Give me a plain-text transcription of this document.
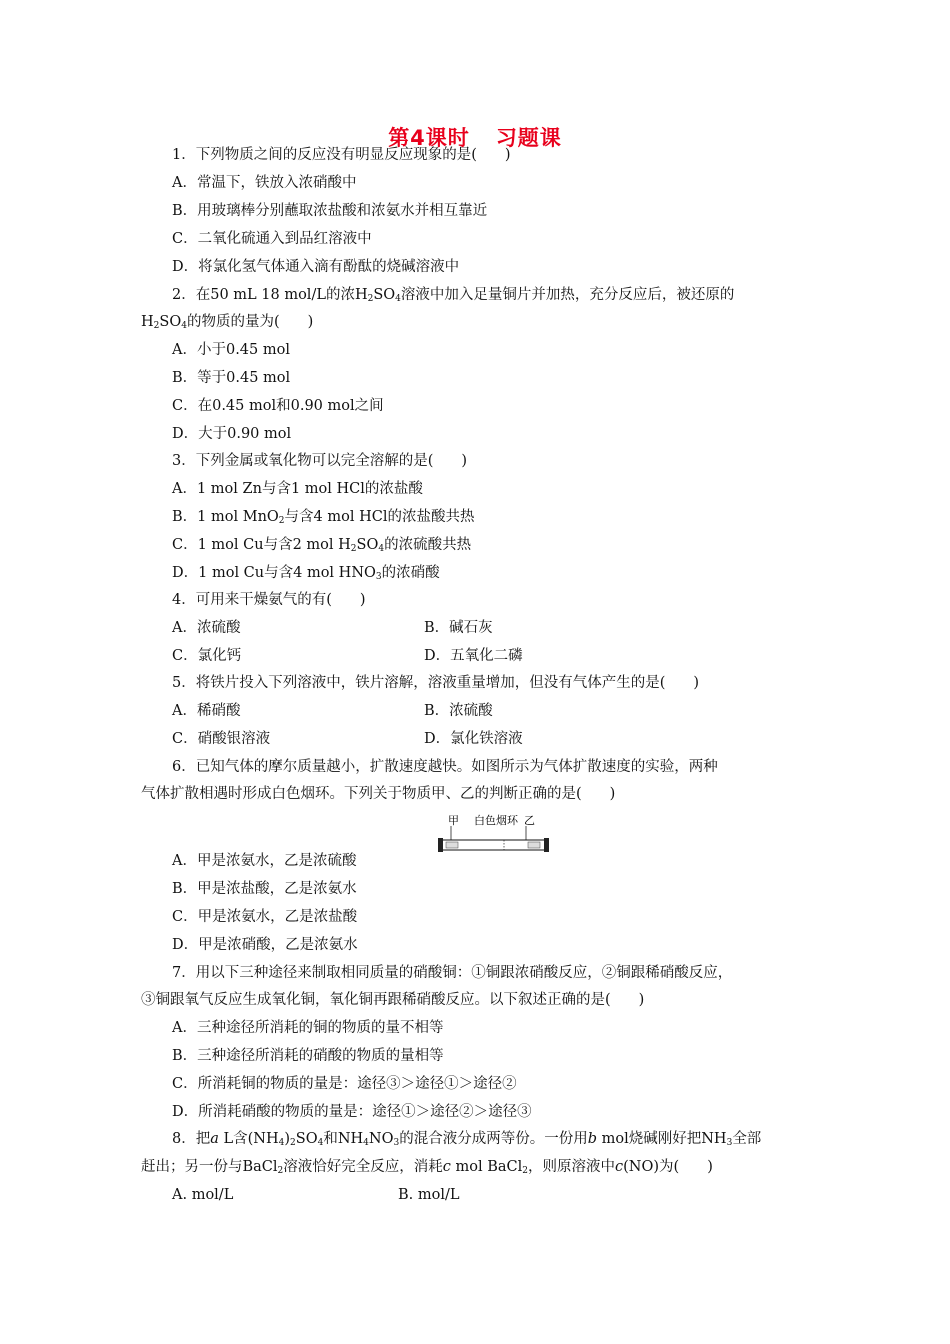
第4课时 习题课
1．下列物质之间的反应没有明显反应现象的是( )
A．常温下，铁放入浓硝酸中
B．用玻璃棒分别蘸取浓盐酸和浓氨水并相互靠近
C．二氧化硫通入到品红溶液中
D．将氯化氢气体通入滴有酚酞的烧碱溶液中
2．在50 mL 18 mol/L的浓$H_2SO_4$溶液中加入足量铜片并加热，充分反应后，被还原的
$H_2SO_4$的物质的量为( )
A．小于0.45 mol
B．等于0.45 mol
C．在0.45 mol和0.90 mol之间
D．大于0.90 mol
3．下列金属或氧化物可以完全溶解的是( )
A．1 mol Zn与含1 mol HCl的浓盐酸
B．1 mol MnO$_2$与含4 mol HCl的浓盐酸共热
C．1 mol Cu与含2 mol $H_2SO_4$的浓硫酸共热
D．1 mol Cu与含4 mol $HNO_3$的浓硝酸
4．可用来干燥氨气的有( )
A．浓硫酸	B．碱石灰
C．氯化钙	D．五氧化二磷
5．将铁片投入下列溶液中，铁片溶解，溶液重量增加，但没有气体产生的是( )
A．稀硝酸	B．浓硫酸
C．硝酸银溶液	D．氯化铁溶液
6．已知气体的摩尔质量越小，扩散速度越快。如图所示为气体扩散速度的实验，两种
气体扩散相遇时形成白色烟环。下列关于物质甲、乙的判断正确的是( )
甲 白色烟环 乙
A．甲是浓氨水，乙是浓硫酸
B．甲是浓盐酸，乙是浓氨水
C．甲是浓氨水，乙是浓盐酸
D．甲是浓硝酸，乙是浓氨水
7．用以下三种途径来制取相同质量的硝酸铜：①铜跟浓硝酸反应，②铜跟稀硝酸反应，
③铜跟氧气反应生成氧化铜，氧化铜再跟稀硝酸反应。以下叙述正确的是( )
A．三种途径所消耗的铜的物质的量不相等
B．三种途径所消耗的硝酸的物质的量相等
C．所消耗铜的物质的量是：途径③＞途径①＞途径②
D．所消耗硝酸的物质的量是：途径①＞途径②＞途径③
8．把a L含$(NH_4)_2SO_4$和$NH_4NO_3$的混合液分成两等份。一份用b mol烧碱刚好把$NH_3$全部
赶出；另一份与BaCl$_2$溶液恰好完全反应，消耗c mol BaCl$_2$，则原溶液中c(NO)为( )
A. mol/L	B. mol/L
